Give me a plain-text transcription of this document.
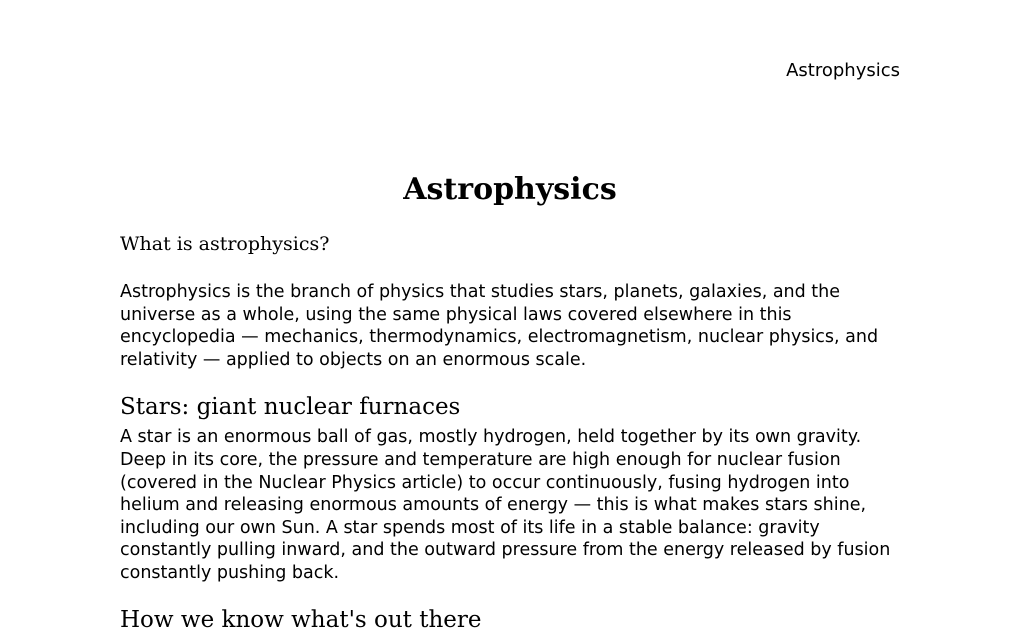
Astrophysics
Astrophysics
What is astrophysics?

Astrophysics is the branch of physics that studies stars, planets, galaxies, and the universe as a whole, using the same physical laws covered elsewhere in this encyclopedia — mechanics, thermodynamics, electromagnetism, nuclear physics, and relativity — applied to objects on an enormous scale.

Stars: giant nuclear furnaces

A star is an enormous ball of gas, mostly hydrogen, held together by its own gravity. Deep in its core, the pressure and temperature are high enough for nuclear fusion (covered in the Nuclear Physics article) to occur continuously, fusing hydrogen into helium and releasing enormous amounts of energy — this is what makes stars shine, including our own Sun. A star spends most of its life in a stable balance: gravity constantly pulling inward, and the outward pressure from the energy released by fusion constantly pushing back.

How we know what's out there
